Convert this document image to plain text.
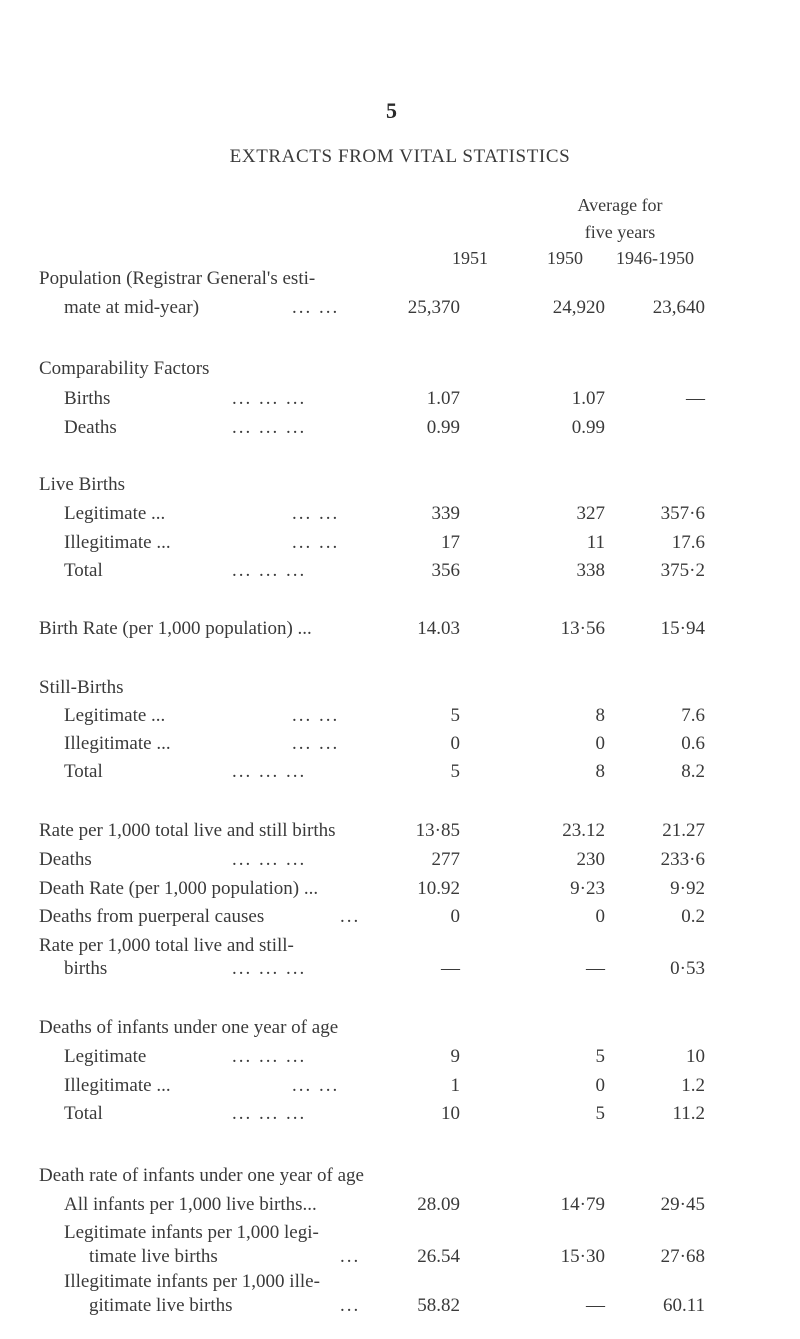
5
EXTRACTS FROM VITAL STATISTICS
Average for
five years
1951	1950	1946-1950
Population (Registrar General's esti-
mate at mid-year)	... ...	25,370	24,920	23,640
Comparability Factors
Births	... ... ...	1.07	1.07	—
Deaths	... ... ...	0.99	0.99
Live Births
Legitimate ...	... ...	339	327	357·6
Illegitimate ...	... ...	17	11	17.6
Total	... ... ...	356	338	375·2
Birth Rate (per 1,000 population) ...	14.03	13·56	15·94
Still-Births
Legitimate ...	... ...	5	8	7.6
Illegitimate ...	... ...	0	0	0.6
Total	... ... ...	5	8	8.2
Rate per 1,000 total live and still births	13·85	23.12	21.27
Deaths	... ... ...	277	230	233·6
Death Rate (per 1,000 population) ...	10.92	9·23	9·92
Deaths from puerperal causes	...	0	0	0.2
Rate per 1,000 total live and still-
births	... ... ...	—	—	0·53
Deaths of infants under one year of age
Legitimate	... ... ...	9	5	10
Illegitimate ...	... ...	1	0	1.2
Total	... ... ...	10	5	11.2
Death rate of infants under one year of age
All infants per 1,000 live births...	28.09	14·79	29·45
Legitimate infants per 1,000 legi-
timate live births	...	26.54	15·30	27·68
Illegitimate infants per 1,000 ille-
gitimate live births	...	58.82	—	60.11
